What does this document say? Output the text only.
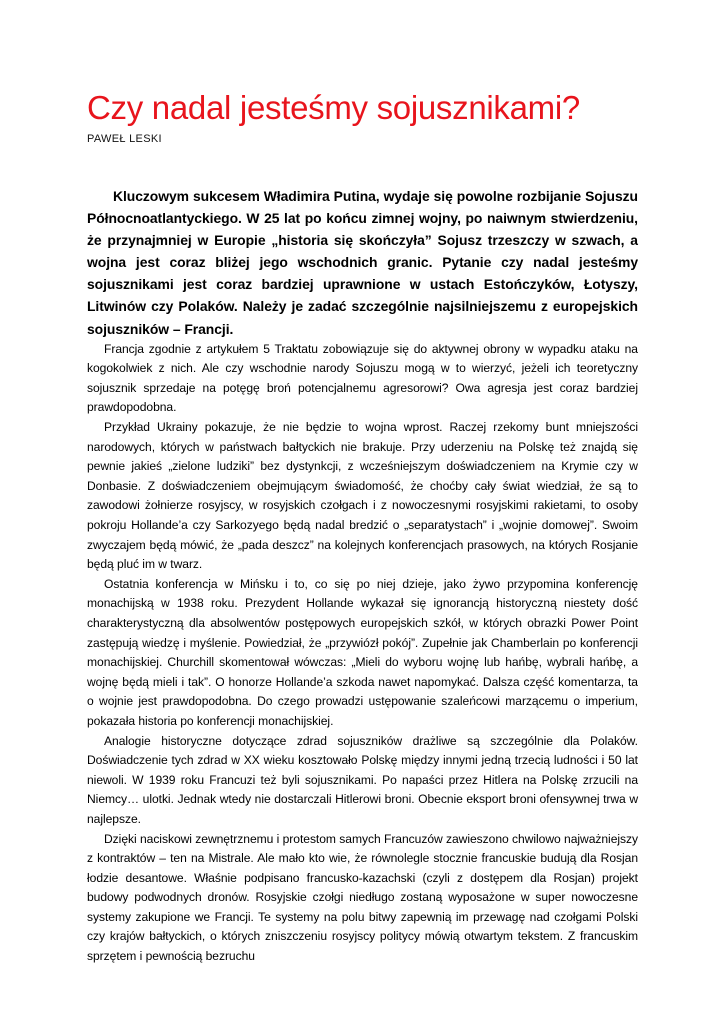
Czy nadal jesteśmy sojusznikami?
PAWEŁ LESKI

Kluczowym sukcesem Władimira Putina, wydaje się powolne rozbijanie Sojuszu Północnoatlantyckiego. W 25 lat po końcu zimnej wojny, po naiwnym stwierdzeniu, że przynajmniej w Europie „historia się skończyła” Sojusz trzeszczy w szwach, a wojna jest coraz bliżej jego wschodnich granic. Pytanie czy nadal jesteśmy sojusznikami jest coraz bardziej uprawnione w ustach Estończyków, Łotyszy, Litwinów czy Polaków. Należy je zadać szczególnie najsilniejszemu z europejskich sojuszników – Francji.

Francja zgodnie z artykułem 5 Traktatu zobowiązuje się do aktywnej obrony w wypadku ataku na kogokolwiek z nich. Ale czy wschodnie narody Sojuszu mogą w to wierzyć, jeżeli ich teoretyczny sojusznik sprzedaje na potęgę broń potencjalnemu agresorowi? Owa agresja jest coraz bardziej prawdopodobna.

Przykład Ukrainy pokazuje, że nie będzie to wojna wprost. Raczej rzekomy bunt mniejszości narodowych, których w państwach bałtyckich nie brakuje. Przy uderzeniu na Polskę też znajdą się pewnie jakieś „zielone ludziki” bez dystynkcji, z wcześniejszym doświadczeniem na Krymie czy w Donbasie. Z doświadczeniem obejmującym świadomość, że choćby cały świat wiedział, że są to zawodowi żołnierze rosyjscy, w rosyjskich czołgach i z nowoczesnymi rosyjskimi rakietami, to osoby pokroju Hollande’a czy Sarkozyego będą nadal bredzić o „separatystach” i „wojnie domowej”. Swoim zwyczajem będą mówić, że „pada deszcz” na kolejnych konferencjach prasowych, na których Rosjanie będą pluć im w twarz.

Ostatnia konferencja w Mińsku i to, co się po niej dzieje, jako żywo przypomina konferencję monachijską w 1938 roku. Prezydent Hollande wykazał się ignorancją historyczną niestety dość charakterystyczną dla absolwentów postępowych europejskich szkół, w których obrazki Power Point zastępują wiedzę i myślenie. Powiedział, że „przywiózł pokój”. Zupełnie jak Chamberlain po konferencji monachijskiej. Churchill skomentował wówczas: „Mieli do wyboru wojnę lub hańbę, wybrali hańbę, a wojnę będą mieli i tak”. O honorze Hollande’a szkoda nawet napomykać. Dalsza część komentarza, ta o wojnie jest prawdopodobna. Do czego prowadzi ustępowanie szaleńcowi marzącemu o imperium, pokazała historia po konferencji monachijskiej.

Analogie historyczne dotyczące zdrad sojuszników drażliwe są szczególnie dla Polaków. Doświadczenie tych zdrad w XX wieku kosztowało Polskę między innymi jedną trzecią ludności i 50 lat niewoli. W 1939 roku Francuzi też byli sojusznikami. Po napaści przez Hitlera na Polskę zrzucili na Niemcy… ulotki. Jednak wtedy nie dostarczali Hitlerowi broni. Obecnie eksport broni ofensywnej trwa w najlepsze.

Dzięki naciskowi zewnętrznemu i protestom samych Francuzów zawieszono chwilowo najważniejszy z kontraktów – ten na Mistrale. Ale mało kto wie, że równolegle stocznie francuskie budują dla Rosjan łodzie desantowe. Właśnie podpisano francusko-kazachski (czyli z dostępem dla Rosjan) projekt budowy podwodnych dronów. Rosyjskie czołgi niedługo zostaną wyposażone w super nowoczesne systemy zakupione we Francji. Te systemy na polu bitwy zapewnią im przewagę nad czołgami Polski czy krajów bałtyckich, o których zniszczeniu rosyjscy politycy mówią otwartym tekstem. Z francuskim sprzętem i pewnością bezruchu
